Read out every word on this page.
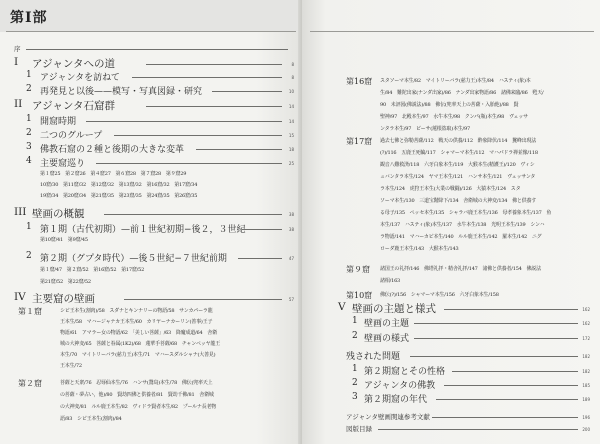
第Ⅰ部
序
I アジャンタへの道	8
1 アジャンタを訪ねて	8
2 再発見と以後——模写・写真図録・研究	10
II アジャンタ石窟群	14
1 開窟時期	14
2 二つのグループ	15
3 佛教石窟の２種と後期の大きな変革	18
4 主要窟巡り	25
第１窟25　第２窟26　第４窟27　第６窟28　第７窟28　第９窟29
10窟/30　第11窟/32　第12窟/32　第13窟/32　第16窟/32　第17窟/34
19窟/34　第20窟/34　第21窟/35　第23窟/35　第24窟/35　第26窟/35
III 壁画の概観	38
1 第１期（古代初期）—前１世紀初期−後２，３世紀	38
第10窟/41　第9窟/45
2 第２期（グプタ時代）—後５世紀−７世紀前期	47
第１窟/47　第２窟/52　第16窟/52　第17窟/52
第21窟/52　第22窟/52
IV 主要窟の壁画	57
第１窟	シビ王本生(割肉)/58　スダナとキンナリーの物語/58　サンカパーラ龍
王本生/58　マハージャナカ王本生/60　カリヤーナカーリン(善事)王子
物語/61　アマラー女の物語/62　「美しい菩薩」/63　降魔成道/64　舎衛
城の大神変/65　菩薩と眷属(1K2)/68　蓮華手菩薩/68　チャンペッヤ龍王
本生/70　マイトリーバラ(慈力王)本生/71　マハースダルシャナ(大善見)
王本生/72
第２窟	菩薩と天衆/76　忍辱仙本生/76　ハンサ(鵞鳥)本生/78　佛伝(兜率天上
の菩薩・夢占い，他)/80　賢劫四佛と供養者/81　賢劫千佛/81　舎衛城
の大神変/81　ルル鹿王本生/82　ヴィドラ賢者本生/82　プールナ長老物
語/83　シビ王本生(割肉)/84
第16窟 スタソーマ本生/82　マイトリーバラ(慈力王)本生/84　ハスティ(象)本
生/84　難陀出家(ナンダ出家)/86　ナンダ出家物語/86　諸佛来臨/86　甦天/
90　未評図(佛説法)/88　佛伝(兜率天上の菩薩・入胎他)/88　賢
聖神/97　北殿本生/97　水牛本生/98　クンパ(瓶)本生/98　ヴェッサ
ンタラ本生/97　ピーサ(蓮根盗取)本生/97
第17窟 過去七佛と弥勒菩薩/112　戦天の供養/112　酔象降伏/114　鬘峰出現法
(?)/116　五鹿王死輪/117　シャマーマ本生/112　マハパドラ禅並像/118
観音八難救済/118　六牙白象本生/119　大猴本生(精護王)/120　ヴィシ
ュバンタラ本生/124　ヤマ王本生/121　ハンサ本生/121　ヴェッサンタ
ラ本生/124　虎狩王本生(大業の戦闘)/126　大猿本生/124　スタ
ソーマ本生/130　三道宝階降下/134　舎衛城の大神変/134　佛と供養す
る母子/135　ペッセ本生/135　シャラバ鹿王本生/136　母孝養象本生/137　鱼
本生/137　ハスティ(象)本生/137　水牛本生/138　光明王本生/139　シンハ
ラ物語/141　マハーカピ本生/140　ルル鹿王本生/142　羅本生/142　ニグ
ローダ鹿王本生/143　大猴本生/143
第９窟 諸国王の礼拝/146　佛塔礼拝・精舎礼拝/147　諸佛と供養者/154　佛説法
諸相/163
第10窟 佛伝(?)/156　シャマーマ本生/156　六牙白象本生/158
V 壁画の主題と様式	162
1 壁画の主題	162
2 壁画の様式	172
残された問題	182
1 第２期窟とその性格	182
2 アジャンタの佛教	185
3 第２期窟の年代	189
アジャンタ壁画関連参考文献	196
図版目録	200
